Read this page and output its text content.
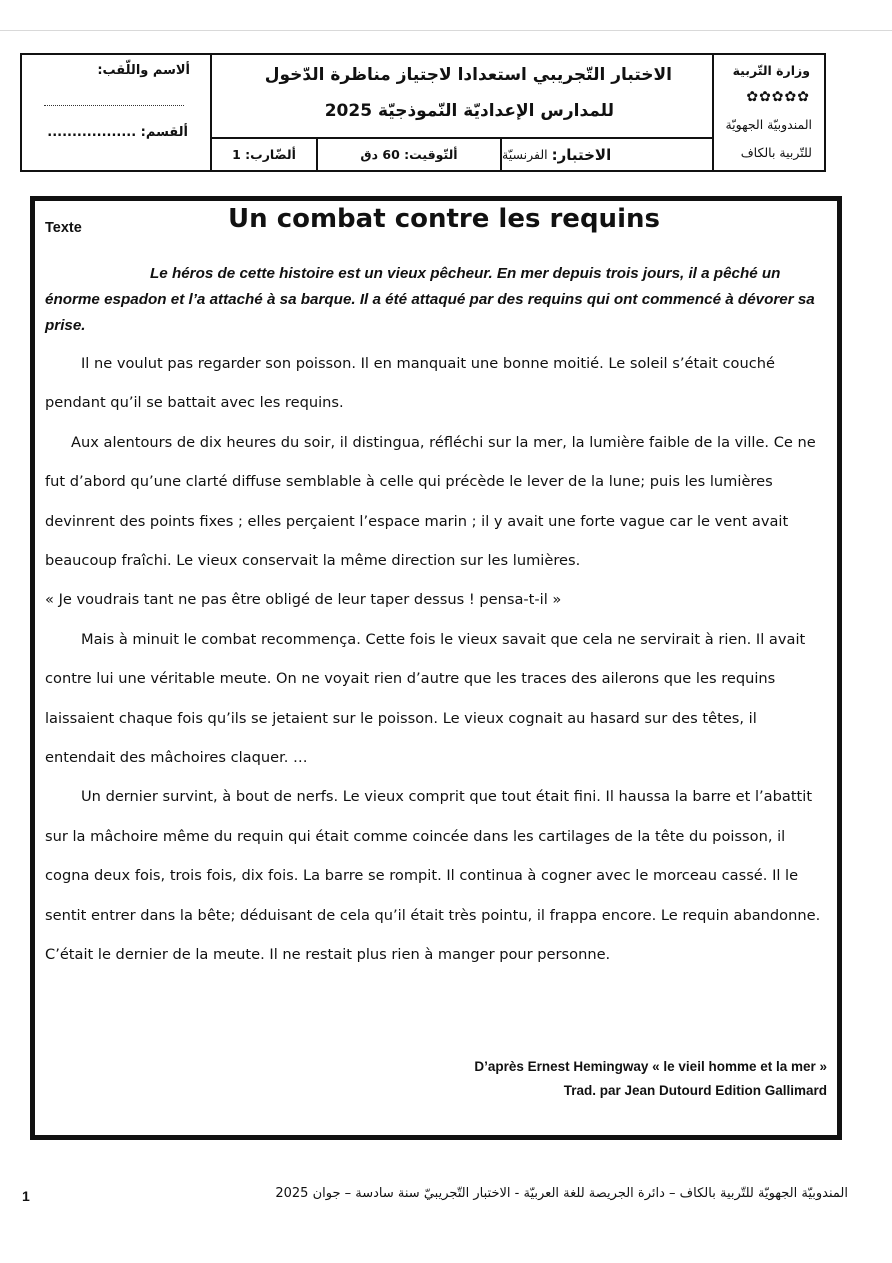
ألاسم واللّقب:
ألقسم: ..................
الاختبار التّجريبي استعدادا لاجتياز مناظرة الدّخول
للمدارس الإعداديّة النّموذجيّة 2025
ألضّارب: 1	ألتّوقيت: 60 دق	الاختبار:
الفرنسيّة
وزارة التّربية
✿✿✿✿✿
المندوبيّة الجهويّة
للتّربية بالكاف
Un combat contre les requins
Texte
Le héros de cette histoire est un vieux pêcheur. En mer depuis trois jours, il a pêché un énorme espadon et l’a attaché à sa barque. Il a été attaqué par des requins qui ont commencé à dévorer sa prise.

Il ne voulut pas regarder son poisson. Il en manquait une bonne moitié. Le soleil s’était couché pendant qu’il se battait avec les requins.

Aux alentours de dix heures du soir, il distingua, réfléchi sur la mer, la lumière faible de la ville. Ce ne fut d’abord qu’une clarté diffuse semblable à celle qui précède le lever de la lune; puis les lumières devinrent des points fixes ; elles perçaient l’espace marin ; il y avait une forte vague car le vent avait beaucoup fraîchi. Le vieux conservait la même direction sur les lumières.

« Je voudrais tant ne pas être obligé de leur taper dessus ! pensa-t-il »

Mais à minuit le combat recommença. Cette fois le vieux savait que cela ne servirait à rien. Il avait contre lui une véritable meute. On ne voyait rien d’autre que les traces des ailerons que les requins laissaient chaque fois qu’ils se jetaient sur le poisson. Le vieux cognait au hasard sur des têtes, il entendait des mâchoires claquer. …

Un dernier survint, à bout de nerfs. Le vieux comprit que tout était fini. Il haussa la barre et l’abattit sur la mâchoire même du requin qui était comme coincée dans les cartilages de la tête du poisson, il cogna deux fois, trois fois, dix fois. La barre se rompit. Il continua à cogner avec le morceau cassé. Il le sentit entrer dans la bête; déduisant de cela qu’il était très pointu, il frappa encore. Le requin abandonne. C’était le dernier de la meute. Il ne restait plus rien à manger pour personne.

D’après Ernest Hemingway « le vieil homme et la mer »
Trad. par Jean Dutourd Edition Gallimard
المندوبيّة الجهويّة للتّربية بالكاف – دائرة الجريصة للغة العربيّة - الاختبار التّجريبيّ سنة سادسة – جوان 2025
1
